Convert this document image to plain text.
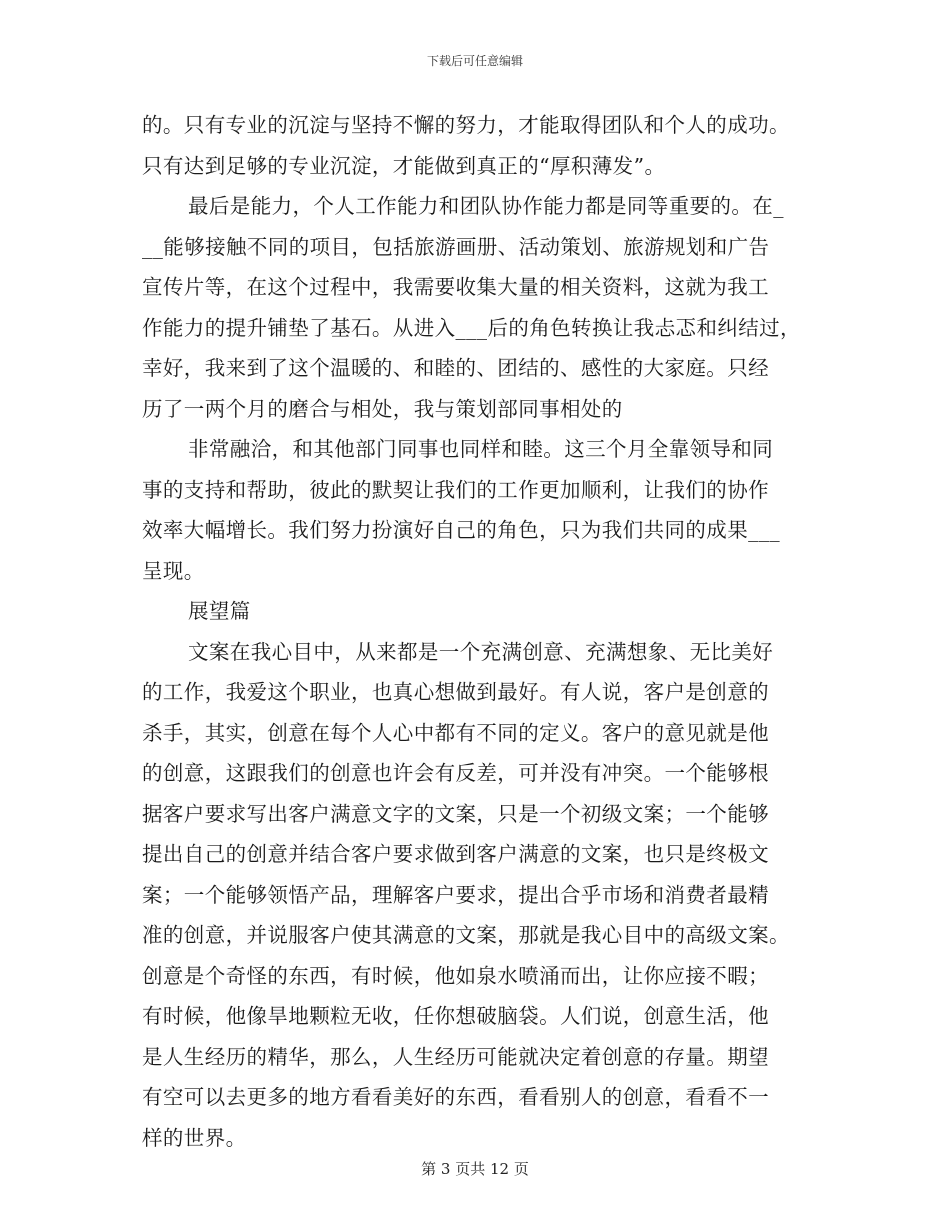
下载后可任意编辑
的。只有专业的沉淀与坚持不懈的努力，才能取得团队和个人的成功。
只有达到足够的专业沉淀，才能做到真正的“厚积薄发”。
最后是能力，个人工作能力和团队协作能力都是同等重要的。在_
__能够接触不同的项目，包括旅游画册、活动策划、旅游规划和广告
宣传片等，在这个过程中，我需要收集大量的相关资料，这就为我工
作能力的提升铺垫了基石。从进入___后的角色转换让我忐忑和纠结过，
幸好，我来到了这个温暖的、和睦的、团结的、感性的大家庭。只经
历了一两个月的磨合与相处，我与策划部同事相处的
非常融洽，和其他部门同事也同样和睦。这三个月全靠领导和同
事的支持和帮助，彼此的默契让我们的工作更加顺利，让我们的协作
效率大幅增长。我们努力扮演好自己的角色，只为我们共同的成果___
呈现。
展望篇
文案在我心目中，从来都是一个充满创意、充满想象、无比美好
的工作，我爱这个职业，也真心想做到最好。有人说，客户是创意的
杀手，其实，创意在每个人心中都有不同的定义。客户的意见就是他
的创意，这跟我们的创意也许会有反差，可并没有冲突。一个能够根
据客户要求写出客户满意文字的文案，只是一个初级文案；一个能够
提出自己的创意并结合客户要求做到客户满意的文案，也只是终极文
案；一个能够领悟产品，理解客户要求，提出合乎市场和消费者最精
准的创意，并说服客户使其满意的文案，那就是我心目中的高级文案。
创意是个奇怪的东西，有时候，他如泉水喷涌而出，让你应接不暇；
有时候，他像旱地颗粒无收，任你想破脑袋。人们说，创意生活，他
是人生经历的精华，那么，人生经历可能就决定着创意的存量。期望
有空可以去更多的地方看看美好的东西，看看别人的创意，看看不一
样的世界。
第 3 页共 12 页
